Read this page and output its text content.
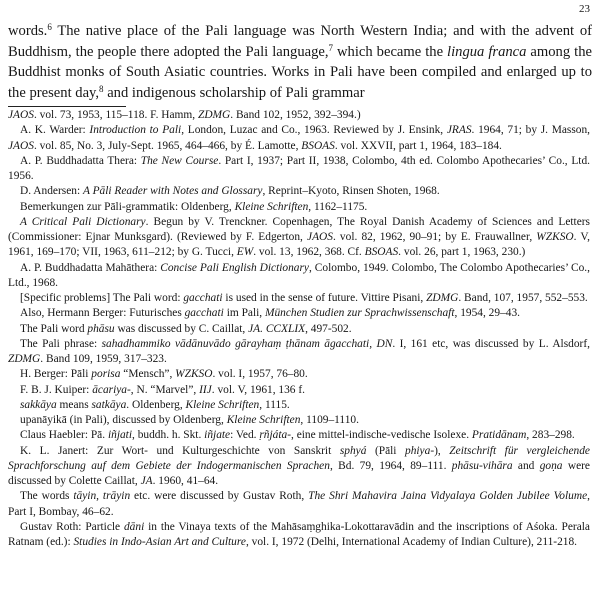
23

words.$^6$ The native place of the Pali language was North Western India; and with the advent of Buddhism, the people there adopted the Pali language,$^7$ which became the lingua franca among the Buddhist monks of South Asiatic countries. Works in Pali have been compiled and enlarged up to the present day,$^8$ and indigenous scholarship of Pali grammar

JAOS. vol. 73, 1953, 115–118. F. Hamm, ZDMG. Band 102, 1952, 392–394.)

A. K. Warder: Introduction to Pali, London, Luzac and Co., 1963. Reviewed by J. Ensink, JRAS. 1964, 71; by J. Masson, JAOS. vol. 85, No. 3, July-Sept. 1965, 464–466, by É. Lamotte, BSOAS. vol. XXVII, part 1, 1964, 183–184.

A. P. Buddhadatta Thera: The New Course. Part I, 1937; Part II, 1938, Colombo, 4th ed. Colombo Apothecaries’ Co., Ltd. 1956.

D. Andersen: A Pāli Reader with Notes and Glossary, Reprint–Kyoto, Rinsen Shoten, 1968.

Bemerkungen zur Pāli-grammatik: Oldenberg, Kleine Schriften, 1162–1175.

A Critical Pali Dictionary. Begun by V. Trenckner. Copenhagen, The Royal Danish Academy of Sciences and Letters (Commissioner: Ejnar Munksgard). (Reviewed by F. Edgerton, JAOS. vol. 82, 1962, 90–91; by E. Frauwallner, WZKSO. V, 1961, 169–170; VII, 1963, 611–212; by G. Tucci, EW. vol. 13, 1962, 368. Cf. BSOAS. vol. 26, part 1, 1963, 230.)

A. P. Buddhadatta Mahāthera: Concise Pali English Dictionary, Colombo, 1949. Colombo, The Colombo Apothecaries’ Co., Ltd., 1968.

[Specific problems] The Pali word: gacchati is used in the sense of future. Vittire Pisani, ZDMG. Band, 107, 1957, 552–553.

Also, Hermann Berger: Futurisches gacchati im Pali, München Studien zur Sprachwissenschaft, 1954, 29–43.

The Pali word phāsu was discussed by C. Caillat, JA. CCXLIX, 497-502.

The Pali phrase: sahadhammiko vādānuvādo gārayhaṃ ṭhānam āgacchati, DN. I, 161 etc, was discussed by L. Alsdorf, ZDMG. Band 109, 1959, 317–323.

H. Berger: Pāli porisa “Mensch”, WZKSO. vol. I, 1957, 76–80.

F. B. J. Kuiper: ācariya-, N. “Marvel”, IIJ. vol. V, 1961, 136 f.

sakkāya means satkāya. Oldenberg, Kleine Schriften, 1115.

upanāyikā (in Pali), discussed by Oldenberg, Kleine Schriften, 1109–1110.

Claus Haebler: Pā. iñjati, buddh. h. Skt. iñjate: Ved. ṛñjáta-, eine mittel-indische-vedische Isolexe. Pratidānam, 283–298.

K. L. Janert: Zur Wort- und Kulturgeschichte von Sanskrit sphyá (Pāli phiya-), Zeitschrift für vergleichende Sprachforschung auf dem Gebiete der Indogermanischen Sprachen, Bd. 79, 1964, 89–111. phāsu-vihāra and goṇa were discussed by Colette Caillat, JA. 1960, 41–64.

The words tāyin, trāyin etc. were discussed by Gustav Roth, The Shri Mahavira Jaina Vidyalaya Golden Jubilee Volume, Part I, Bombay, 46–62.

Gustav Roth: Particle dāni in the Vinaya texts of the Mahāsaṃghika-Lokottaravādin and the inscriptions of Aśoka. Perala Ratnam (ed.): Studies in Indo-Asian Art and Culture, vol. I, 1972 (Delhi, International Academy of Indian Culture), 211-218.
